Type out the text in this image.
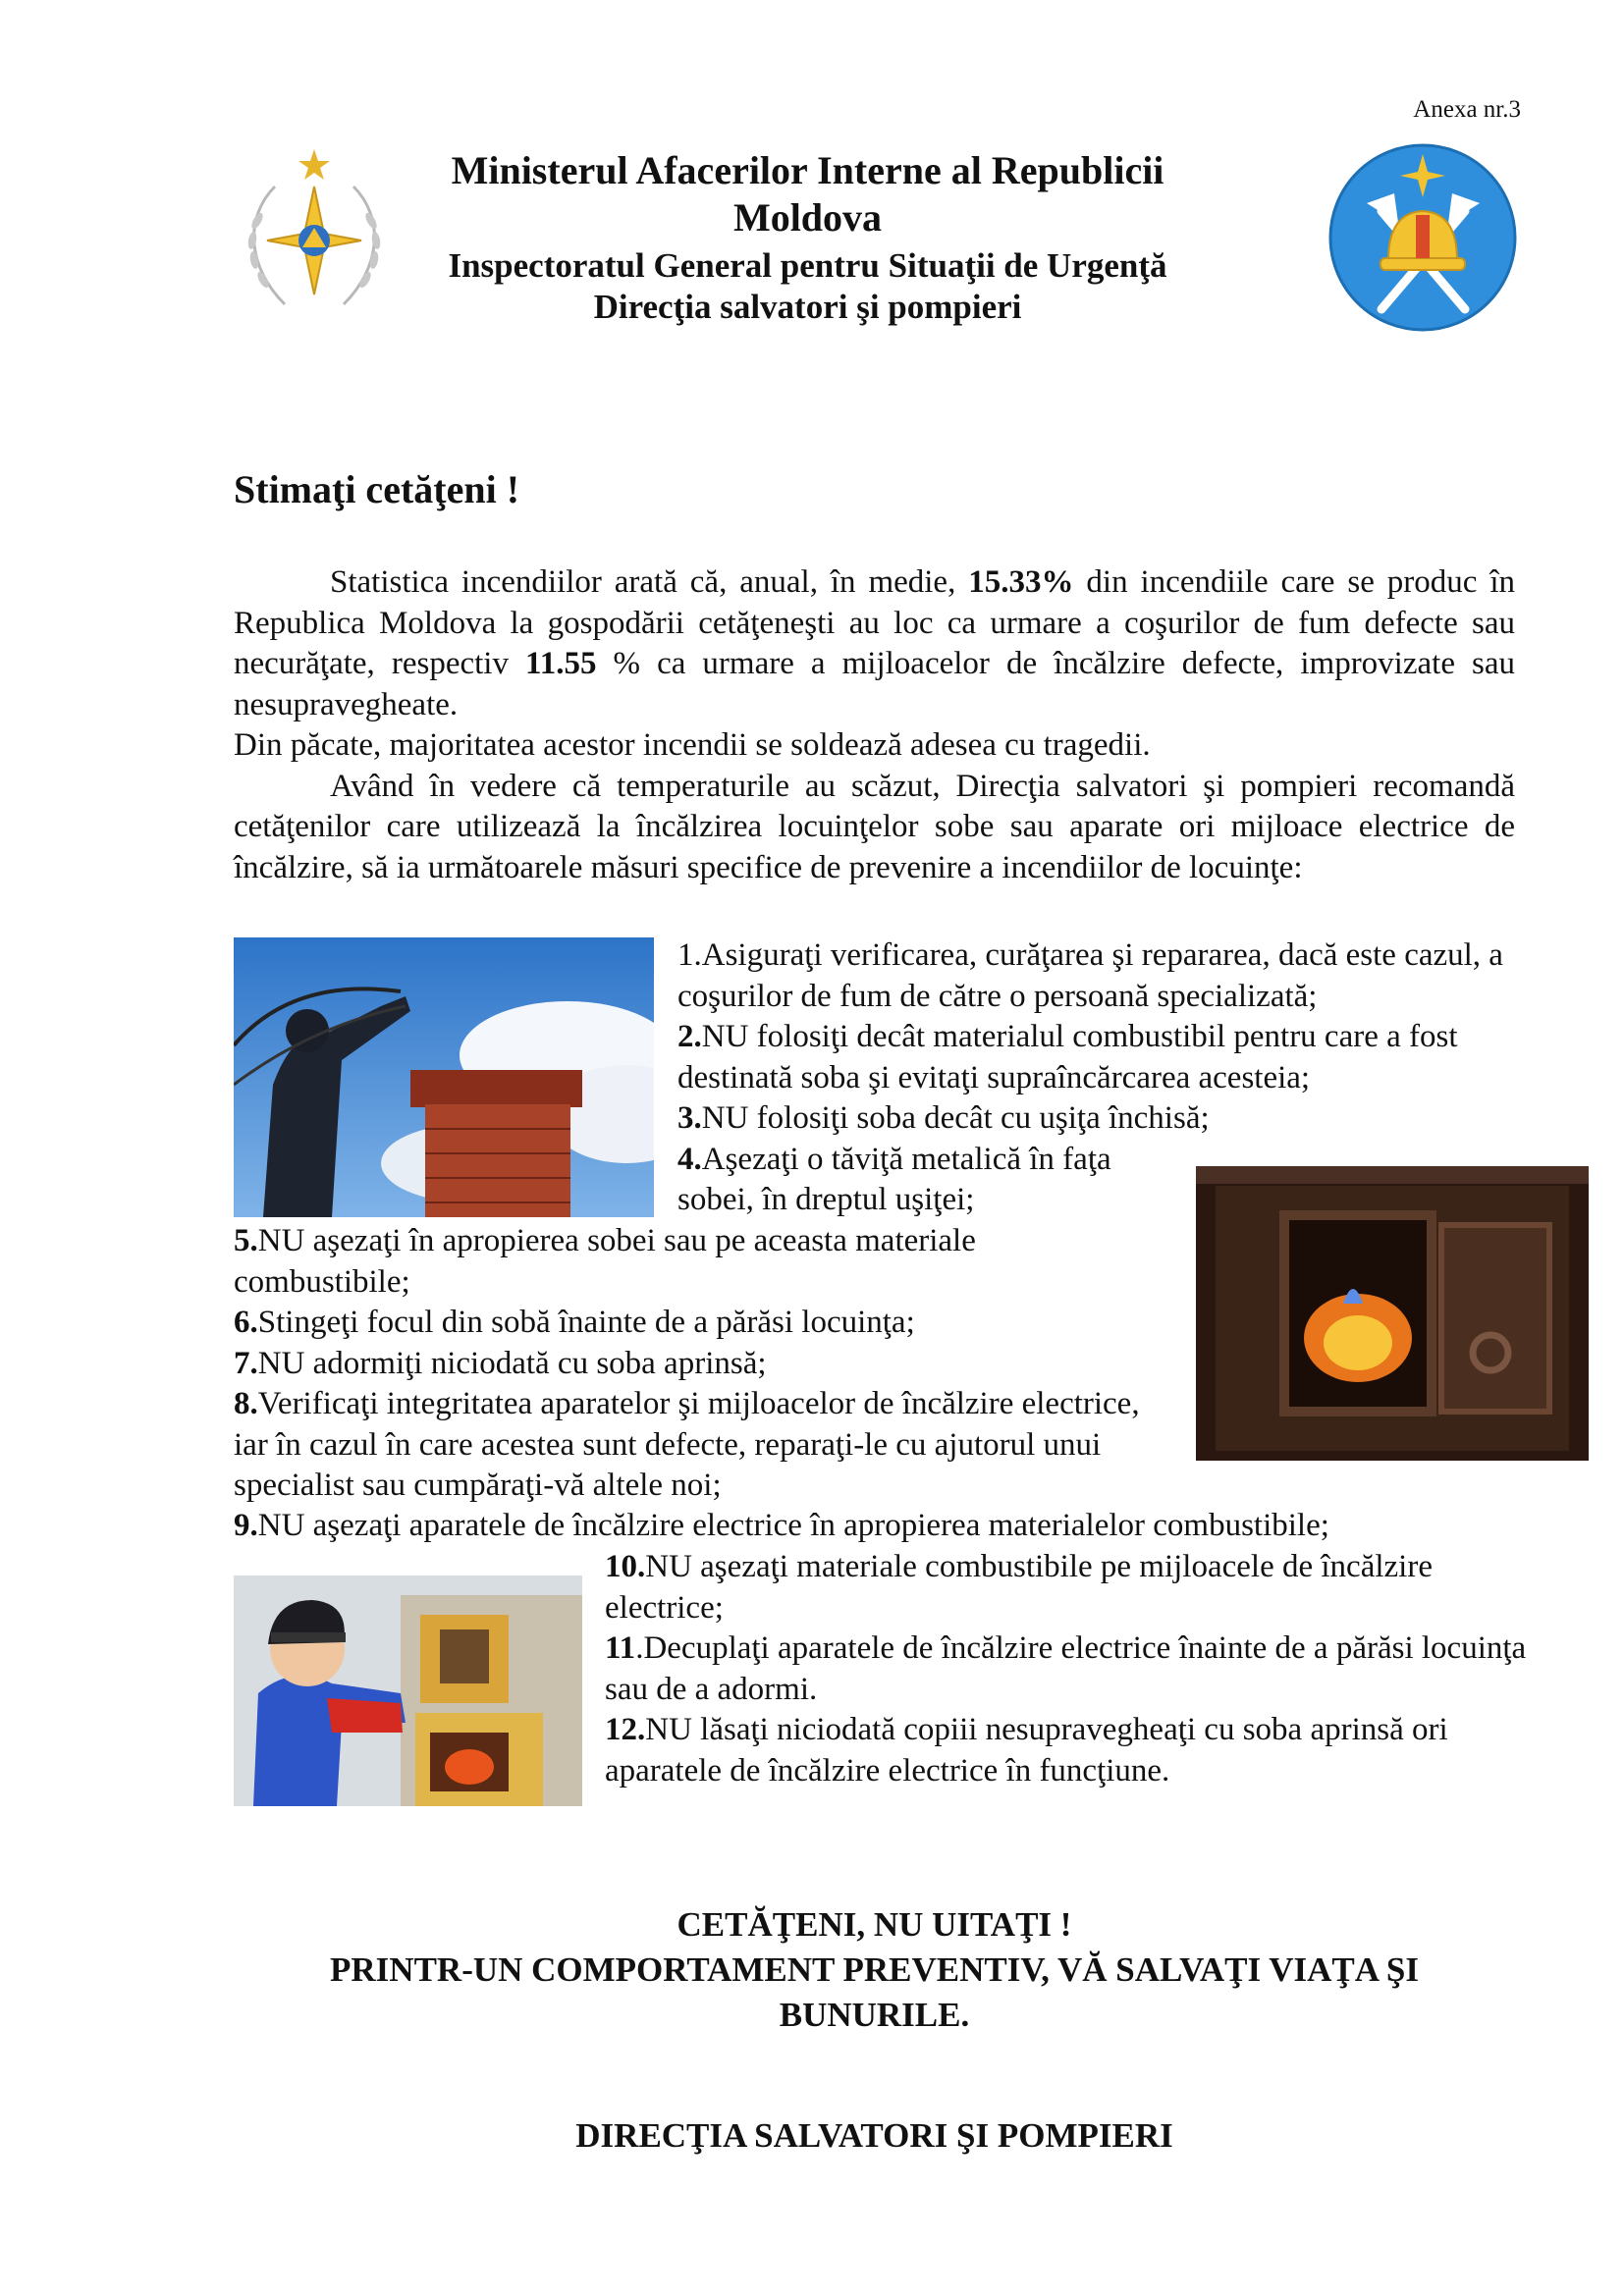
Anexa nr.3
Ministerul Afacerilor Interne al Republicii Moldova
Inspectoratul General pentru Situaţii de Urgenţă
Direcţia salvatori şi pompieri
Stimaţi cetăţeni !

Statistica incendiilor arată că, anual, în medie, 15.33% din incendiile care se produc în Republica Moldova la gospodării cetăţeneşti au loc ca urmare a coşurilor de fum defecte sau necurăţate, respectiv 11.55 % ca urmare a mijloacelor de încălzire defecte, improvizate sau nesupravegheate.

Din păcate, majoritatea acestor incendii se soldează adesea cu tragedii.

Având în vedere că temperaturile au scăzut, Direcţia salvatori şi pompieri recomandă cetăţenilor care utilizează la încălzirea locuinţelor sobe sau aparate ori mijloace electrice de încălzire, să ia următoarele măsuri specifice de prevenire a incendiilor de locuinţe:

1.Asiguraţi verificarea, curăţarea şi repararea, dacă este cazul, a coşurilor de fum de către o persoană specializată;
2.NU folosiţi decât materialul combustibil pentru care a fost destinată soba şi evitaţi supraîncărcarea acesteia;
3.NU folosiţi soba decât cu uşiţa închisă;
4.Aşezaţi o tăviţă metalică în faţa sobei, în dreptul uşiţei;
5.NU aşezaţi în apropierea sobei sau pe aceasta materiale combustibile;
6.Stingeţi focul din sobă înainte de a părăsi locuinţa;
7.NU adormiţi niciodată cu soba aprinsă;
8.Verificaţi integritatea aparatelor şi mijloacelor de încălzire electrice, iar în cazul în care acestea sunt defecte, reparaţi-le cu ajutorul unui specialist sau cumpăraţi-vă altele noi;
9.NU aşezaţi aparatele de încălzire electrice în apropierea materialelor combustibile;
10.NU aşezaţi materiale combustibile pe mijloacele de încălzire electrice;
11.Decuplaţi aparatele de încălzire electrice înainte de a părăsi locuinţa sau de a adormi.
12.NU lăsaţi niciodată copiii nesupravegheaţi cu soba aprinsă ori aparatele de încălzire electrice în funcţiune.
CETĂŢENI, NU UITAŢI !
PRINTR-UN COMPORTAMENT PREVENTIV, VĂ SALVAŢI VIAŢA ŞI BUNURILE.
DIRECŢIA SALVATORI ŞI POMPIERI
